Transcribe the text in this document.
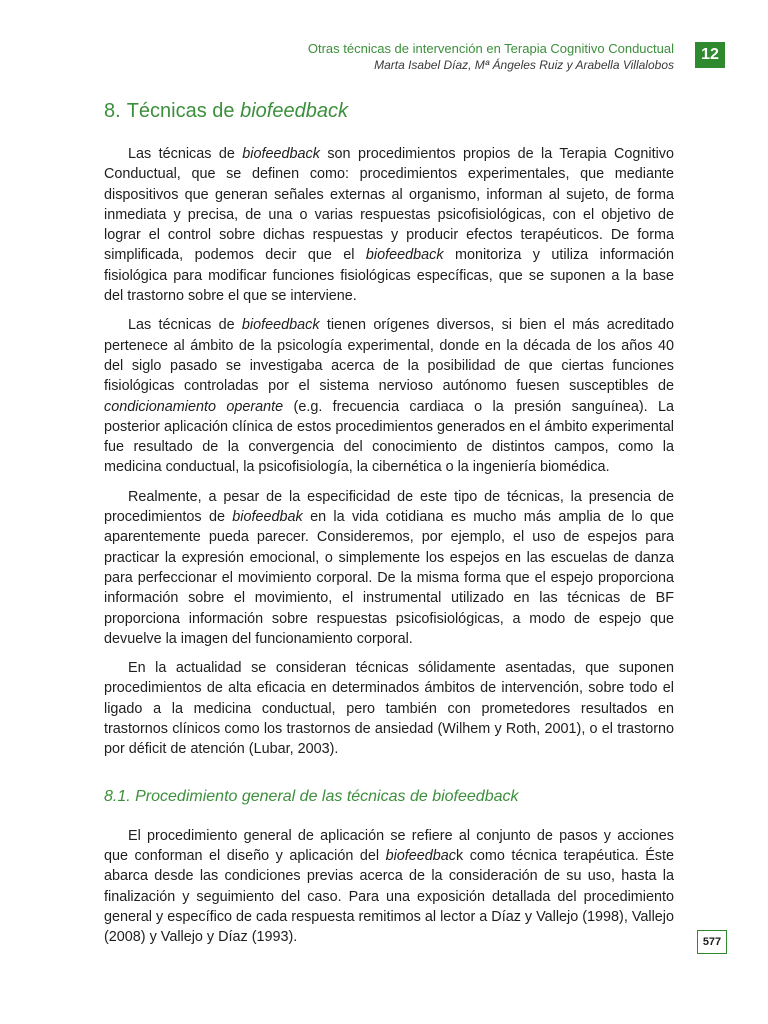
Otras técnicas de intervención en Terapia Cognitivo Conductual
Marta Isabel Díaz, Mª Ángeles Ruiz y Arabella Villalobos
12
8. Técnicas de biofeedback

Las técnicas de biofeedback son procedimientos propios de la Terapia Cognitivo Conductual, que se definen como: procedimientos experimentales, que mediante dispositivos que generan señales externas al organismo, informan al sujeto, de forma inmediata y precisa, de una o varias respuestas psicofisiológicas, con el objetivo de lograr el control sobre dichas respuestas y producir efectos terapéuticos. De forma simplificada, podemos decir que el biofeedback monitoriza y utiliza información fisiológica para modificar funciones fisiológicas específicas, que se suponen a la base del trastorno sobre el que se interviene.

Las técnicas de biofeedback tienen orígenes diversos, si bien el más acreditado pertenece al ámbito de la psicología experimental, donde en la década de los años 40 del siglo pasado se investigaba acerca de la posibilidad de que ciertas funciones fisiológicas controladas por el sistema nervioso autónomo fuesen susceptibles de condicionamiento operante (e.g. frecuencia cardiaca o la presión sanguínea). La posterior aplicación clínica de estos procedimientos generados en el ámbito experimental fue resultado de la convergencia del conocimiento de distintos campos, como la medicina conductual, la psicofisiología, la cibernética o la ingeniería biomédica.

Realmente, a pesar de la especificidad de este tipo de técnicas, la presencia de procedimientos de biofeedbak en la vida cotidiana es mucho más amplia de lo que aparentemente pueda parecer. Consideremos, por ejemplo, el uso de espejos para practicar la expresión emocional, o simplemente los espejos en las escuelas de danza para perfeccionar el movimiento corporal. De la misma forma que el espejo proporciona información sobre el movimiento, el instrumental utilizado en las técnicas de BF proporciona información sobre respuestas psicofisiológicas, a modo de espejo que devuelve la imagen del funcionamiento corporal.

En la actualidad se consideran técnicas sólidamente asentadas, que suponen procedimientos de alta eficacia en determinados ámbitos de intervención, sobre todo el ligado a la medicina conductual, pero también con prometedores resultados en trastornos clínicos como los trastornos de ansiedad (Wilhem y Roth, 2001), o el trastorno por déficit de atención (Lubar, 2003).

8.1. Procedimiento general de las técnicas de biofeedback

El procedimiento general de aplicación se refiere al conjunto de pasos y acciones que conforman el diseño y aplicación del biofeedback como técnica terapéutica. Éste abarca desde las condiciones previas acerca de la consideración de su uso, hasta la finalización y seguimiento del caso. Para una exposición detallada del procedimiento general y específico de cada respuesta remitimos al lector a Díaz y Vallejo (1998), Vallejo (2008) y Vallejo y Díaz (1993).	577
